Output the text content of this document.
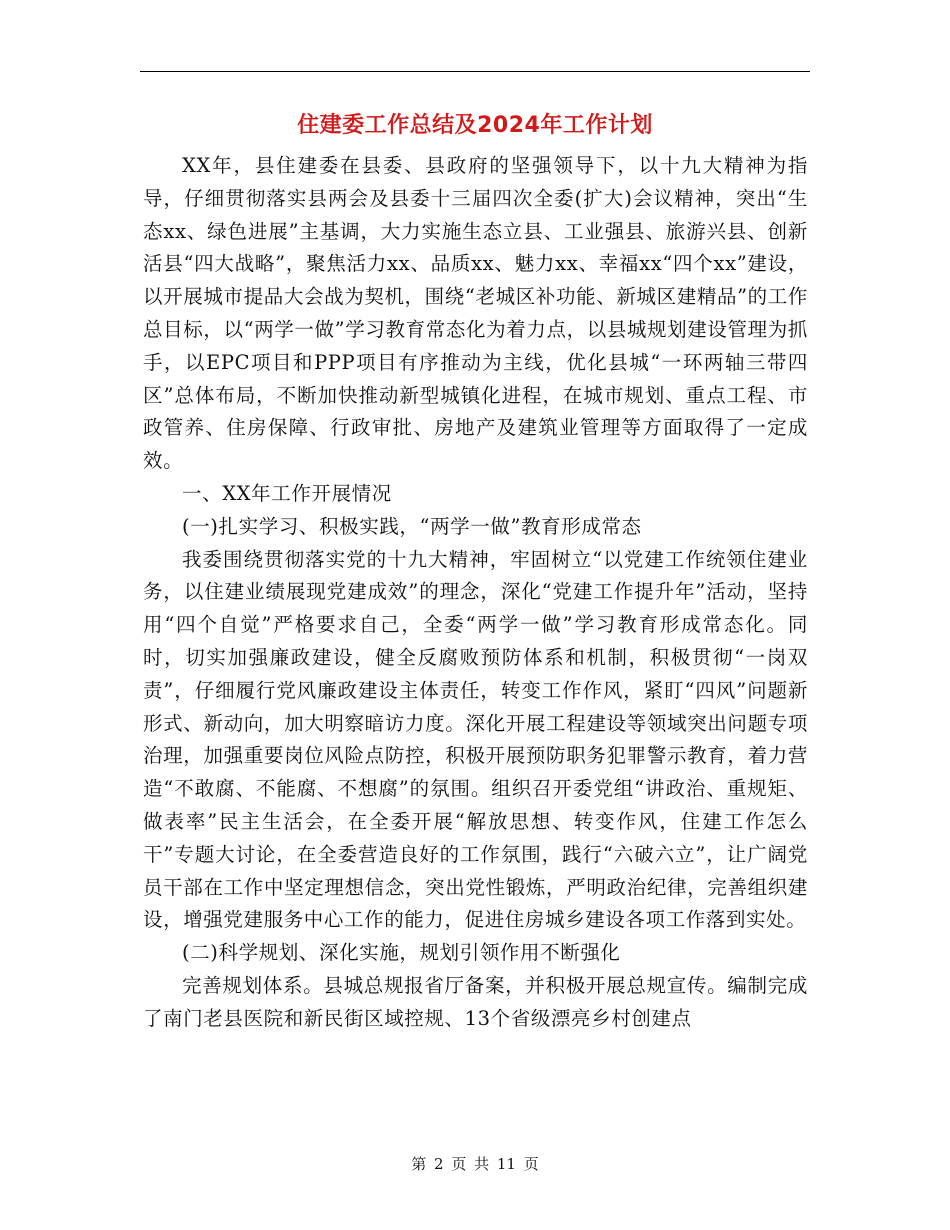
住建委工作总结及2024年工作计划

XX年，县住建委在县委、县政府的坚强领导下，以十九大精神为指导，仔细贯彻落实县两会及县委十三届四次全委(扩大)会议精神，突出“生态xx、绿色进展”主基调，大力实施生态立县、工业强县、旅游兴县、创新活县“四大战略”，聚焦活力xx、品质xx、魅力xx、幸福xx“四个xx”建设，以开展城市提品大会战为契机，围绕“老城区补功能、新城区建精品”的工作总目标，以“两学一做”学习教育常态化为着力点，以县城规划建设管理为抓手，以EPC项目和PPP项目有序推动为主线，优化县城“一环两轴三带四区”总体布局，不断加快推动新型城镇化进程，在城市规划、重点工程、市政管养、住房保障、行政审批、房地产及建筑业管理等方面取得了一定成效。

一、XX年工作开展情况

(一)扎实学习、积极实践，“两学一做”教育形成常态

我委围绕贯彻落实党的十九大精神，牢固树立“以党建工作统领住建业务，以住建业绩展现党建成效”的理念，深化“党建工作提升年”活动，坚持用“四个自觉”严格要求自己，全委“两学一做”学习教育形成常态化。同时，切实加强廉政建设，健全反腐败预防体系和机制，积极贯彻“一岗双责”，仔细履行党风廉政建设主体责任，转变工作作风，紧盯“四风”问题新形式、新动向，加大明察暗访力度。深化开展工程建设等领域突出问题专项治理，加强重要岗位风险点防控，积极开展预防职务犯罪警示教育，着力营造“不敢腐、不能腐、不想腐”的氛围。组织召开委党组“讲政治、重规矩、做表率”民主生活会，在全委开展“解放思想、转变作风，住建工作怎么干”专题大讨论，在全委营造良好的工作氛围，践行“六破六立”，让广阔党员干部在工作中坚定理想信念，突出党性锻炼，严明政治纪律，完善组织建设，增强党建服务中心工作的能力，促进住房城乡建设各项工作落到实处。

(二)科学规划、深化实施，规划引领作用不断强化

完善规划体系。县城总规报省厅备案，并积极开展总规宣传。编制完成了南门老县医院和新民街区域控规、13个省级漂亮乡村创建点

第 2 页 共 11 页
